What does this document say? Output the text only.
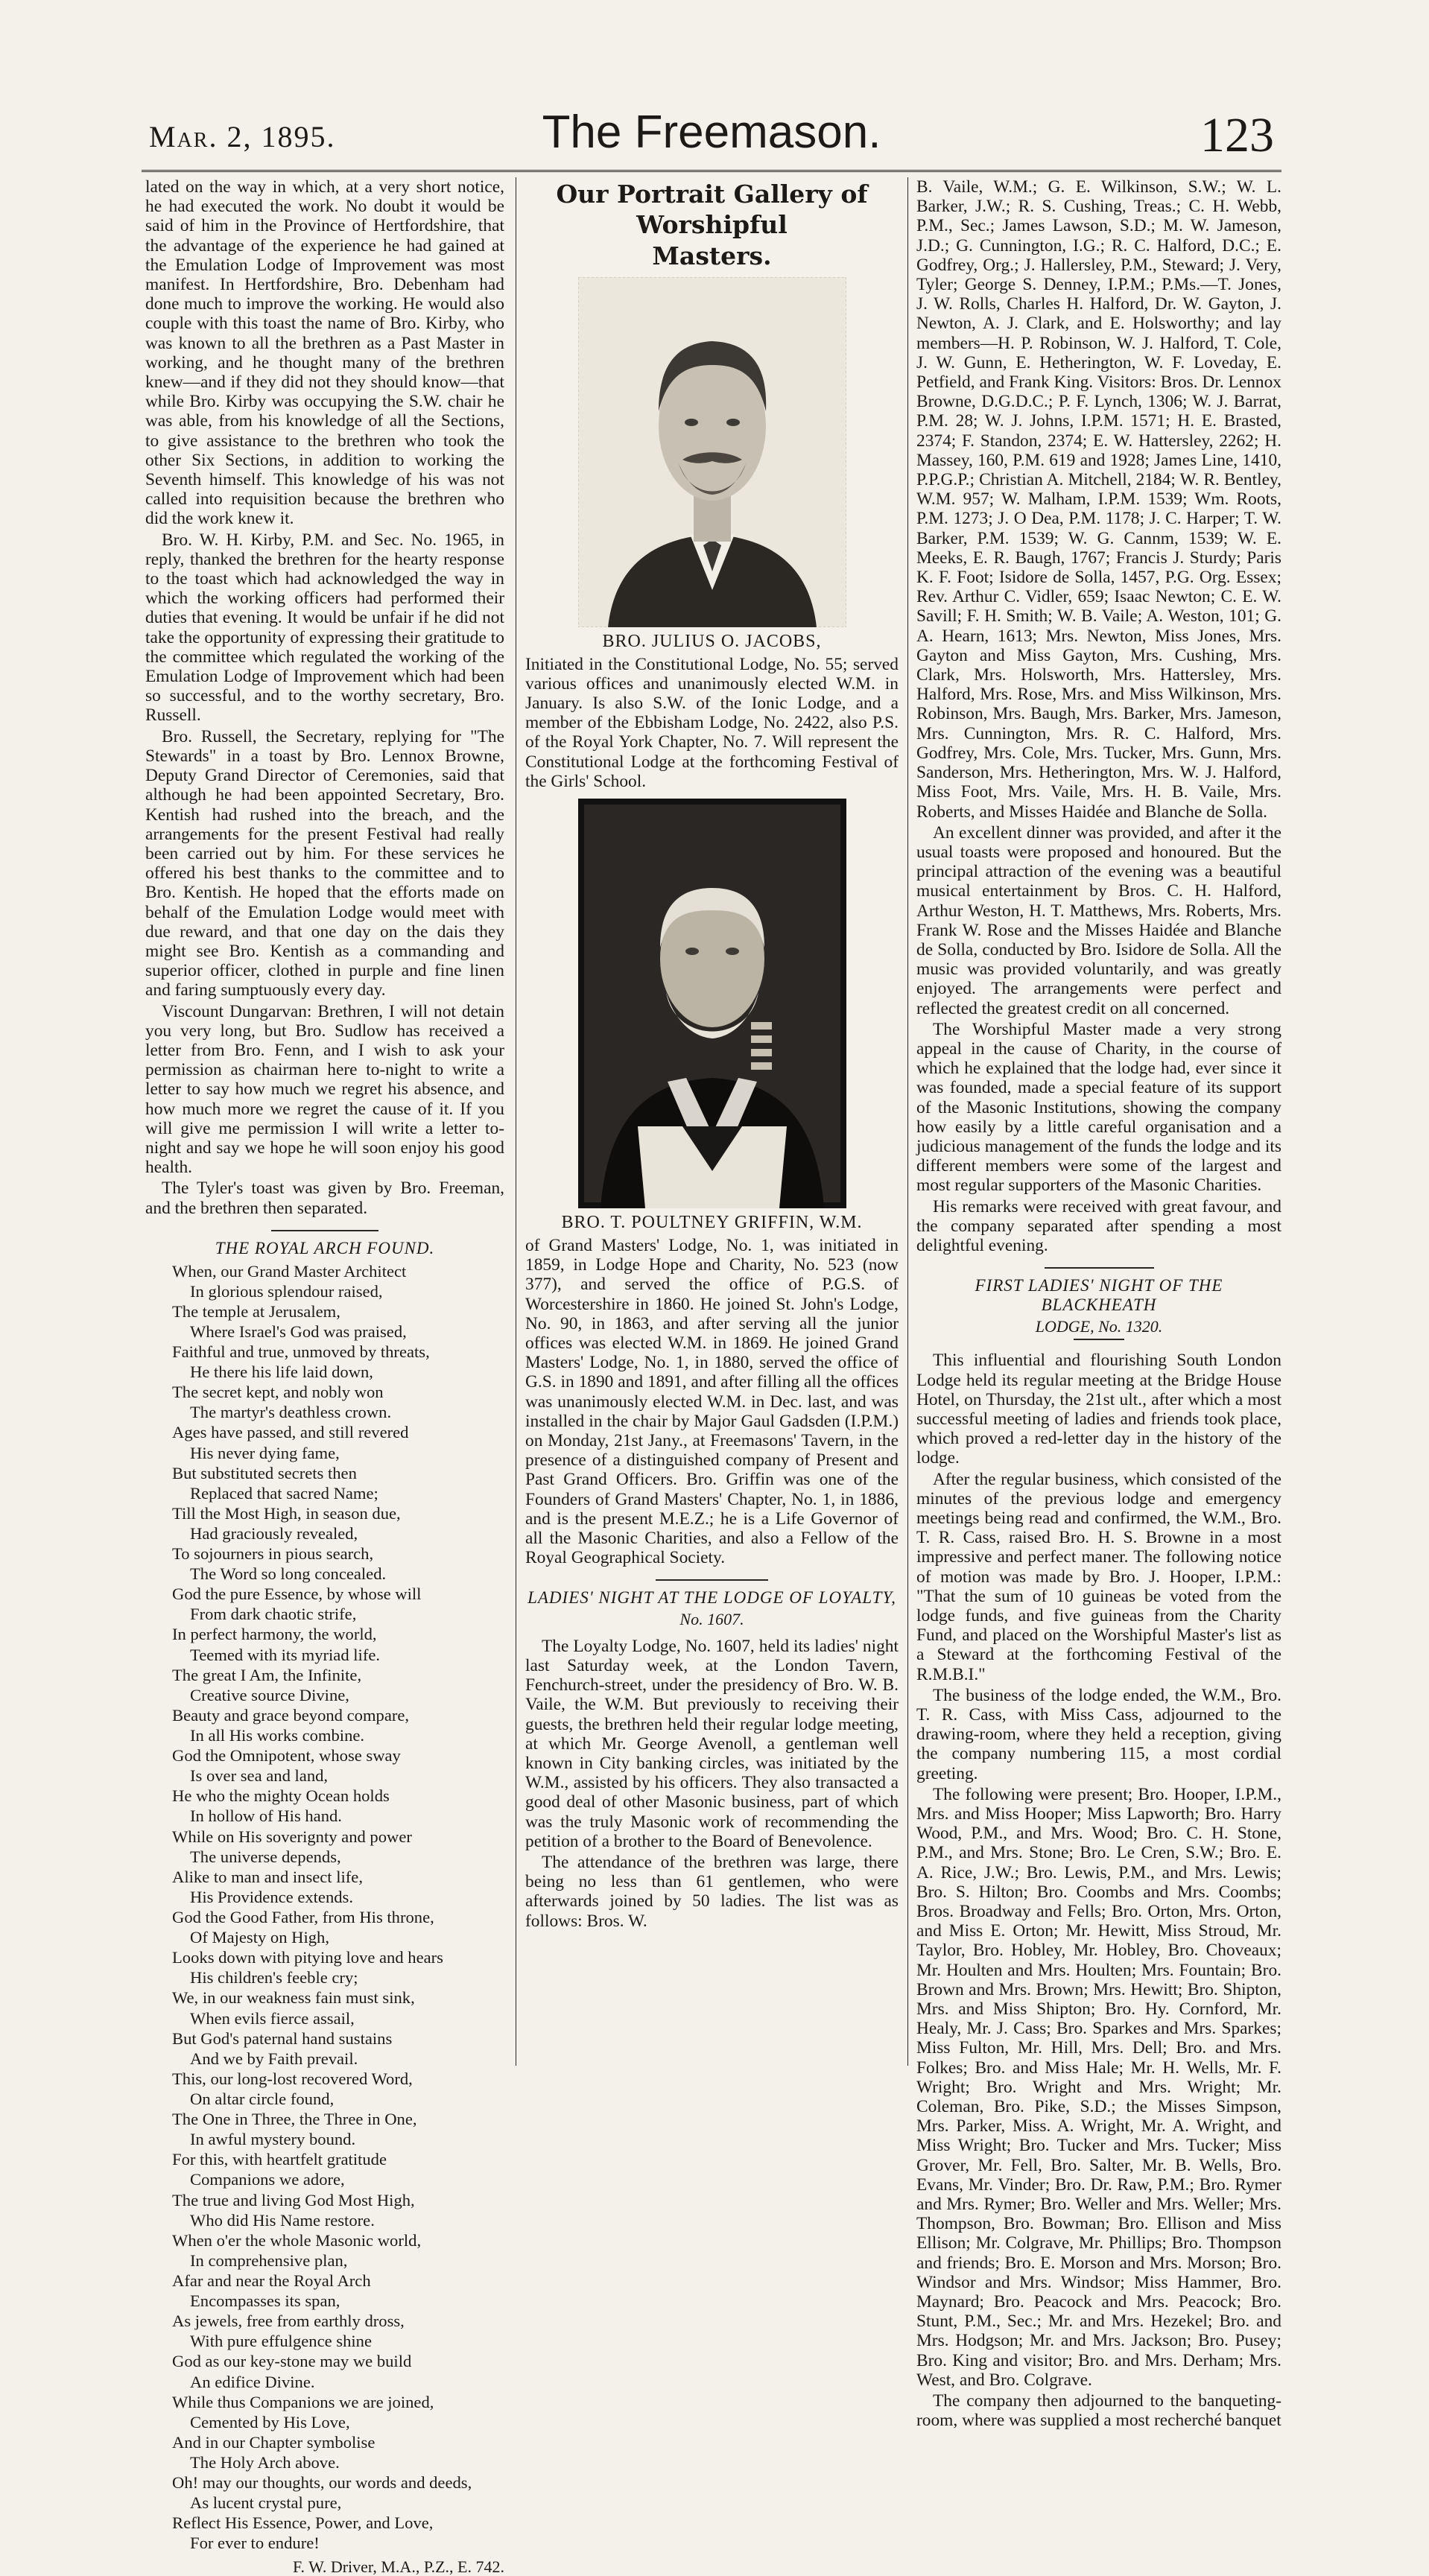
Mar. 2, 1895.	The Freemason.	123

lated on the way in which, at a very short notice, he had executed the work. No doubt it would be said of him in the Province of Hertfordshire, that the advantage of the experience he had gained at the Emulation Lodge of Improvement was most manifest. In Hertfordshire, Bro. Debenham had done much to improve the working. He would also couple with this toast the name of Bro. Kirby, who was known to all the brethren as a Past Master in working, and he thought many of the brethren knew—and if they did not they should know—that while Bro. Kirby was occupying the S.W. chair he was able, from his knowledge of all the Sections, to give assistance to the brethren who took the other Six Sections, in addition to working the Seventh himself. This knowledge of his was not called into requisition because the brethren who did the work knew it.

Bro. W. H. Kirby, P.M. and Sec. No. 1965, in reply, thanked the brethren for the hearty response to the toast which had acknowledged the way in which the working officers had performed their duties that evening. It would be unfair if he did not take the opportunity of expressing their gratitude to the committee which regulated the working of the Emulation Lodge of Improvement which had been so successful, and to the worthy secretary, Bro. Russell.

Bro. Russell, the Secretary, replying for "The Stewards" in a toast by Bro. Lennox Browne, Deputy Grand Director of Ceremonies, said that although he had been appointed Secretary, Bro. Kentish had rushed into the breach, and the arrangements for the present Festival had really been carried out by him. For these services he offered his best thanks to the committee and to Bro. Kentish. He hoped that the efforts made on behalf of the Emulation Lodge would meet with due reward, and that one day on the dais they might see Bro. Kentish as a commanding and superior officer, clothed in purple and fine linen and faring sumptuously every day.

Viscount Dungarvan: Brethren, I will not detain you very long, but Bro. Sudlow has received a letter from Bro. Fenn, and I wish to ask your permission as chairman here to-night to write a letter to say how much we regret his absence, and how much more we regret the cause of it. If you will give me permission I will write a letter to-night and say we hope he will soon enjoy his good health.

The Tyler's toast was given by Bro. Freeman, and the brethren then separated.

THE ROYAL ARCH FOUND.
When, our Grand Master Architect
In glorious splendour raised,
The temple at Jerusalem,
Where Israel's God was praised,
Faithful and true, unmoved by threats,
He there his life laid down,
The secret kept, and nobly won
The martyr's deathless crown.
Ages have passed, and still revered
His never dying fame,
But substituted secrets then
Replaced that sacred Name;
Till the Most High, in season due,
Had graciously revealed,
To sojourners in pious search,
The Word so long concealed.
God the pure Essence, by whose will
From dark chaotic strife,
In perfect harmony, the world,
Teemed with its myriad life.
The great I Am, the Infinite,
Creative source Divine,
Beauty and grace beyond compare,
In all His works combine.
God the Omnipotent, whose sway
Is over sea and land,
He who the mighty Ocean holds
In hollow of His hand.
While on His soverignty and power
The universe depends,
Alike to man and insect life,
His Providence extends.
God the Good Father, from His throne,
Of Majesty on High,
Looks down with pitying love and hears
His children's feeble cry;
We, in our weakness fain must sink,
When evils fierce assail,
But God's paternal hand sustains
And we by Faith prevail.
This, our long-lost recovered Word,
On altar circle found,
The One in Three, the Three in One,
In awful mystery bound.
For this, with heartfelt gratitude
Companions we adore,
The true and living God Most High,
Who did His Name restore.
When o'er the whole Masonic world,
In comprehensive plan,
Afar and near the Royal Arch
Encompasses its span,
As jewels, free from earthly dross,
With pure effulgence shine
God as our key-stone may we build
An edifice Divine.
While thus Companions we are joined,
Cemented by His Love,
And in our Chapter symbolise
The Holy Arch above.
Oh! may our thoughts, our words and deeds,
As lucent crystal pure,
Reflect His Essence, Power, and Love,
For ever to endure!
F. W. Driver, M.A., P.Z., E. 742.
Our Portrait Gallery of Worshipful
Masters.
BRO. JULIUS O. JACOBS,

Initiated in the Constitutional Lodge, No. 55; served various offices and unanimously elected W.M. in January. Is also S.W. of the Ionic Lodge, and a member of the Ebbisham Lodge, No. 2422, also P.S. of the Royal York Chapter, No. 7. Will represent the Constitutional Lodge at the forthcoming Festival of the Girls' School.

BRO. T. POULTNEY GRIFFIN, W.M.

of Grand Masters' Lodge, No. 1, was initiated in 1859, in Lodge Hope and Charity, No. 523 (now 377), and served the office of P.G.S. of Worcestershire in 1860. He joined St. John's Lodge, No. 90, in 1863, and after serving all the junior offices was elected W.M. in 1869. He joined Grand Masters' Lodge, No. 1, in 1880, served the office of G.S. in 1890 and 1891, and after filling all the offices was unanimously elected W.M. in Dec. last, and was installed in the chair by Major Gaul Gadsden (I.P.M.) on Monday, 21st Jany., at Freemasons' Tavern, in the presence of a distinguished company of Present and Past Grand Officers. Bro. Griffin was one of the Founders of Grand Masters' Chapter, No. 1, in 1886, and is the present M.E.Z.; he is a Life Governor of all the Masonic Charities, and also a Fellow of the Royal Geographical Society.

LADIES' NIGHT AT THE LODGE OF LOYALTY,
No. 1607.

The Loyalty Lodge, No. 1607, held its ladies' night last Saturday week, at the London Tavern, Fenchurch-street, under the presidency of Bro. W. B. Vaile, the W.M. But previously to receiving their guests, the brethren held their regular lodge meeting, at which Mr. George Avenoll, a gentleman well known in City banking circles, was initiated by the W.M., assisted by his officers. They also transacted a good deal of other Masonic business, part of which was the truly Masonic work of recommending the petition of a brother to the Board of Benevolence.

The attendance of the brethren was large, there being no less than 61 gentlemen, who were afterwards joined by 50 ladies. The list was as follows: Bros. W.

B. Vaile, W.M.; G. E. Wilkinson, S.W.; W. L. Barker, J.W.; R. S. Cushing, Treas.; C. H. Webb, P.M., Sec.; James Lawson, S.D.; M. W. Jameson, J.D.; G. Cunnington, I.G.; R. C. Halford, D.C.; E. Godfrey, Org.; J. Hallersley, P.M., Steward; J. Very, Tyler; George S. Denney, I.P.M.; P.Ms.—T. Jones, J. W. Rolls, Charles H. Halford, Dr. W. Gayton, J. Newton, A. J. Clark, and E. Holsworthy; and lay members—H. P. Robinson, W. J. Halford, T. Cole, J. W. Gunn, E. Hetherington, W. F. Loveday, E. Petfield, and Frank King. Visitors: Bros. Dr. Lennox Browne, D.G.D.C.; P. F. Lynch, 1306; W. J. Barrat, P.M. 28; W. J. Johns, I.P.M. 1571; H. E. Brasted, 2374; F. Standon, 2374; E. W. Hattersley, 2262; H. Massey, 160, P.M. 619 and 1928; James Line, 1410, P.P.G.P.; Christian A. Mitchell, 2184; W. R. Bentley, W.M. 957; W. Malham, I.P.M. 1539; Wm. Roots, P.M. 1273; J. O Dea, P.M. 1178; J. C. Harper; T. W. Barker, P.M. 1539; W. G. Cannm, 1539; W. E. Meeks, E. R. Baugh, 1767; Francis J. Sturdy; Paris K. F. Foot; Isidore de Solla, 1457, P.G. Org. Essex; Rev. Arthur C. Vidler, 659; Isaac Newton; C. E. W. Savill; F. H. Smith; W. B. Vaile; A. Weston, 101; G. A. Hearn, 1613; Mrs. Newton, Miss Jones, Mrs. Gayton and Miss Gayton, Mrs. Cushing, Mrs. Clark, Mrs. Holsworth, Mrs. Hattersley, Mrs. Halford, Mrs. Rose, Mrs. and Miss Wilkinson, Mrs. Robinson, Mrs. Baugh, Mrs. Barker, Mrs. Jameson, Mrs. Cunnington, Mrs. R. C. Halford, Mrs. Godfrey, Mrs. Cole, Mrs. Tucker, Mrs. Gunn, Mrs. Sanderson, Mrs. Hetherington, Mrs. W. J. Halford, Miss Foot, Mrs. Vaile, Mrs. H. B. Vaile, Mrs. Roberts, and Misses Haidée and Blanche de Solla.

An excellent dinner was provided, and after it the usual toasts were proposed and honoured. But the principal attraction of the evening was a beautiful musical entertainment by Bros. C. H. Halford, Arthur Weston, H. T. Matthews, Mrs. Roberts, Mrs. Frank W. Rose and the Misses Haidée and Blanche de Solla, conducted by Bro. Isidore de Solla. All the music was provided voluntarily, and was greatly enjoyed. The arrangements were perfect and reflected the greatest credit on all concerned.

The Worshipful Master made a very strong appeal in the cause of Charity, in the course of which he explained that the lodge had, ever since it was founded, made a special feature of its support of the Masonic Institutions, showing the company how easily by a little careful organisation and a judicious management of the funds the lodge and its different members were some of the largest and most regular supporters of the Masonic Charities.

His remarks were received with great favour, and the company separated after spending a most delightful evening.

FIRST LADIES' NIGHT OF THE BLACKHEATH
LODGE, No. 1320.

This influential and flourishing South London Lodge held its regular meeting at the Bridge House Hotel, on Thursday, the 21st ult., after which a most successful meeting of ladies and friends took place, which proved a red-letter day in the history of the lodge.

After the regular business, which consisted of the minutes of the previous lodge and emergency meetings being read and confirmed, the W.M., Bro. T. R. Cass, raised Bro. H. S. Browne in a most impressive and perfect maner. The following notice of motion was made by Bro. J. Hooper, I.P.M.: "That the sum of 10 guineas be voted from the lodge funds, and five guineas from the Charity Fund, and placed on the Worshipful Master's list as a Steward at the forthcoming Festival of the R.M.B.I."

The business of the lodge ended, the W.M., Bro. T. R. Cass, with Miss Cass, adjourned to the drawing-room, where they held a reception, giving the company numbering 115, a most cordial greeting.

The following were present; Bro. Hooper, I.P.M., Mrs. and Miss Hooper; Miss Lapworth; Bro. Harry Wood, P.M., and Mrs. Wood; Bro. C. H. Stone, P.M., and Mrs. Stone; Bro. Le Cren, S.W.; Bro. E. A. Rice, J.W.; Bro. Lewis, P.M., and Mrs. Lewis; Bro. S. Hilton; Bro. Coombs and Mrs. Coombs; Bros. Broadway and Fells; Bro. Orton, Mrs. Orton, and Miss E. Orton; Mr. Hewitt, Miss Stroud, Mr. Taylor, Bro. Hobley, Mr. Hobley, Bro. Choveaux; Mr. Houlten and Mrs. Houlten; Mrs. Fountain; Bro. Brown and Mrs. Brown; Mrs. Hewitt; Bro. Shipton, Mrs. and Miss Shipton; Bro. Hy. Cornford, Mr. Healy, Mr. J. Cass; Bro. Sparkes and Mrs. Sparkes; Miss Fulton, Mr. Hill, Mrs. Dell; Bro. and Mrs. Folkes; Bro. and Miss Hale; Mr. H. Wells, Mr. F. Wright; Bro. Wright and Mrs. Wright; Mr. Coleman, Bro. Pike, S.D.; the Misses Simpson, Mrs. Parker, Miss. A. Wright, Mr. A. Wright, and Miss Wright; Bro. Tucker and Mrs. Tucker; Miss Grover, Mr. Fell, Bro. Salter, Mr. B. Wells, Bro. Evans, Mr. Vinder; Bro. Dr. Raw, P.M.; Bro. Rymer and Mrs. Rymer; Bro. Weller and Mrs. Weller; Mrs. Thompson, Bro. Bowman; Bro. Ellison and Miss Ellison; Mr. Colgrave, Mr. Phillips; Bro. Thompson and friends; Bro. E. Morson and Mrs. Morson; Bro. Windsor and Mrs. Windsor; Miss Hammer, Bro. Maynard; Bro. Peacock and Mrs. Peacock; Bro. Stunt, P.M., Sec.; Mr. and Mrs. Hezekel; Bro. and Mrs. Hodgson; Mr. and Mrs. Jackson; Bro. Pusey; Bro. King and visitor; Bro. and Mrs. Derham; Mrs. West, and Bro. Colgrave.

The company then adjourned to the banqueting-room, where was supplied a most recherché banquet
